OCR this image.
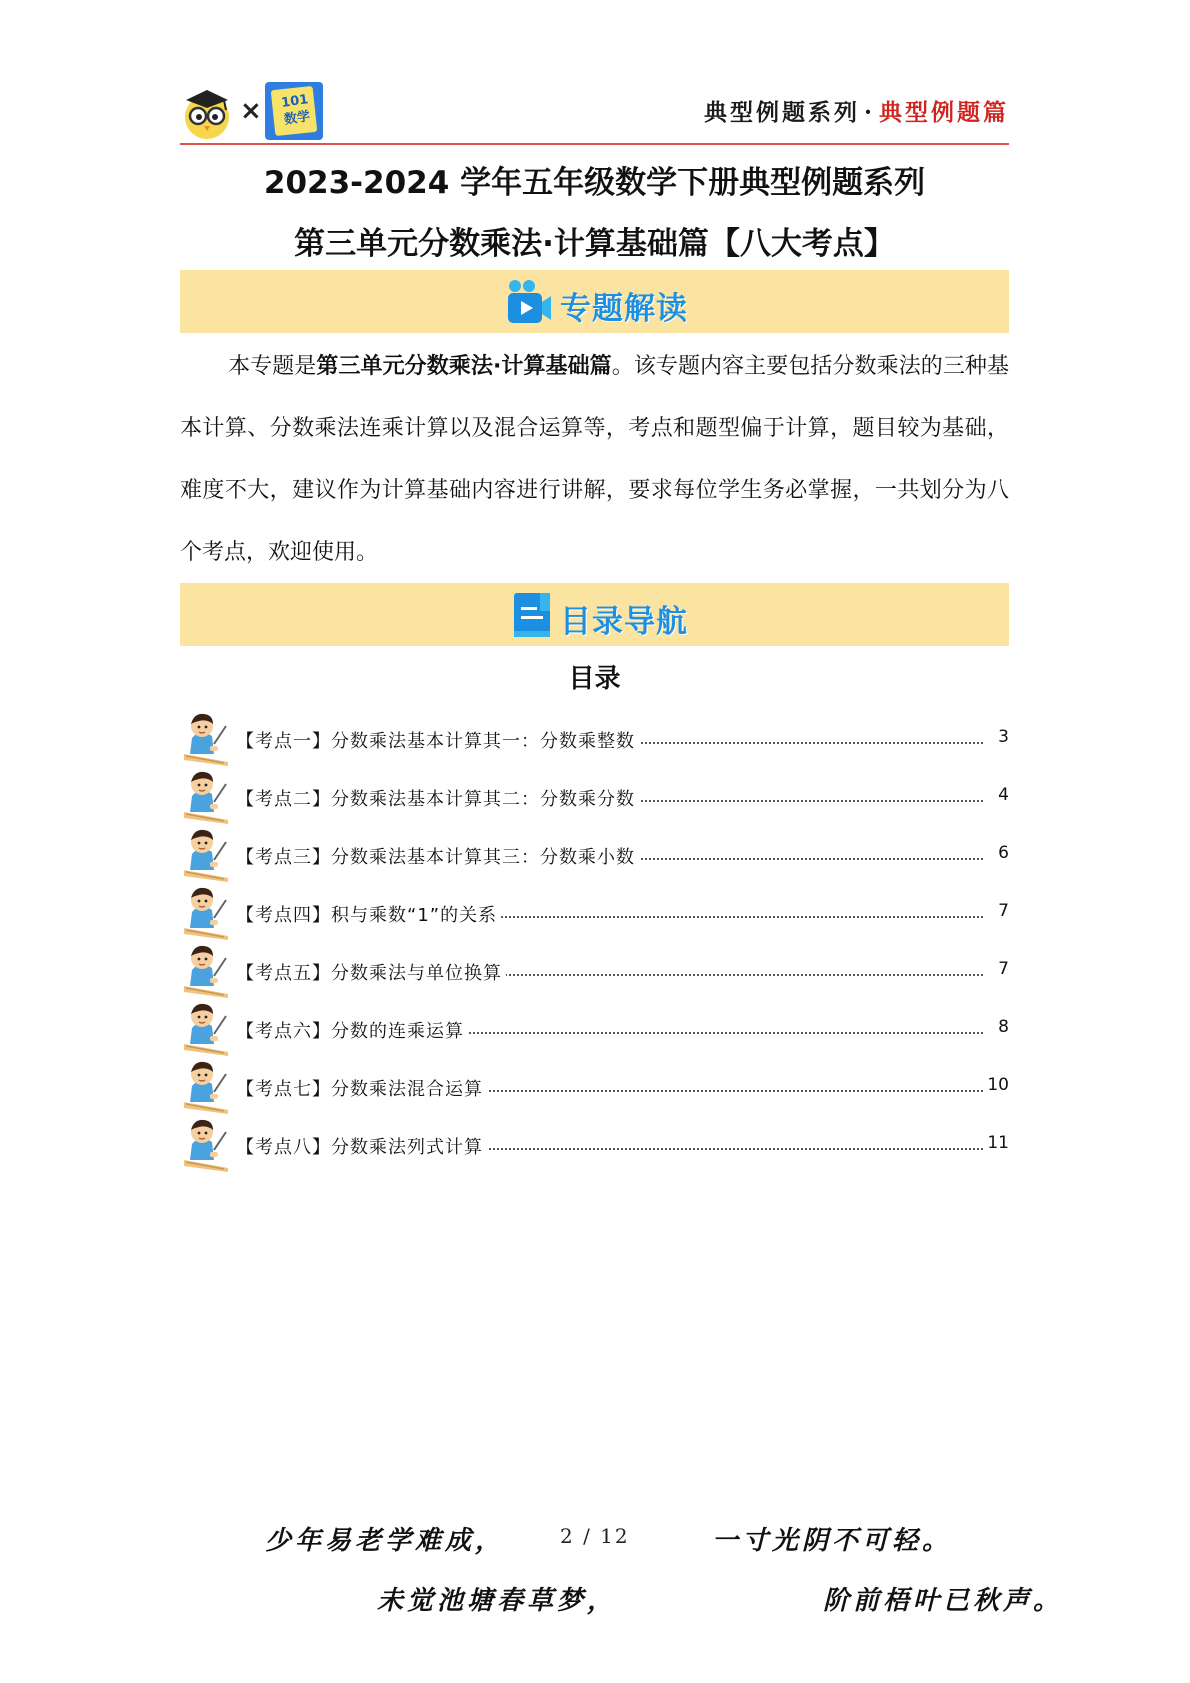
×	101 数学	典型例题系列 · 典型例题篇
2023-2024 学年五年级数学下册典型例题系列
第三单元分数乘法·计算基础篇【八大考点】
专题解读
本专题是第三单元分数乘法·计算基础篇。该专题内容主要包括分数乘法的三种基本计算、分数乘法连乘计算以及混合运算等，考点和题型偏于计算，题目较为基础，难度不大，建议作为计算基础内容进行讲解，要求每位学生务必掌握，一共划分为八个考点，欢迎使用。
目录导航
目录
【考点一】分数乘法基本计算其一：分数乘整数	3
【考点二】分数乘法基本计算其二：分数乘分数	4
【考点三】分数乘法基本计算其三：分数乘小数	6
【考点四】积与乘数“1”的关系	7
【考点五】分数乘法与单位换算	7
【考点六】分数的连乘运算	8
【考点七】分数乘法混合运算	10
【考点八】分数乘法列式计算	11
少年易老学难成，	2 / 12	一寸光阴不可轻。
未觉池塘春草梦，	阶前梧叶已秋声。
